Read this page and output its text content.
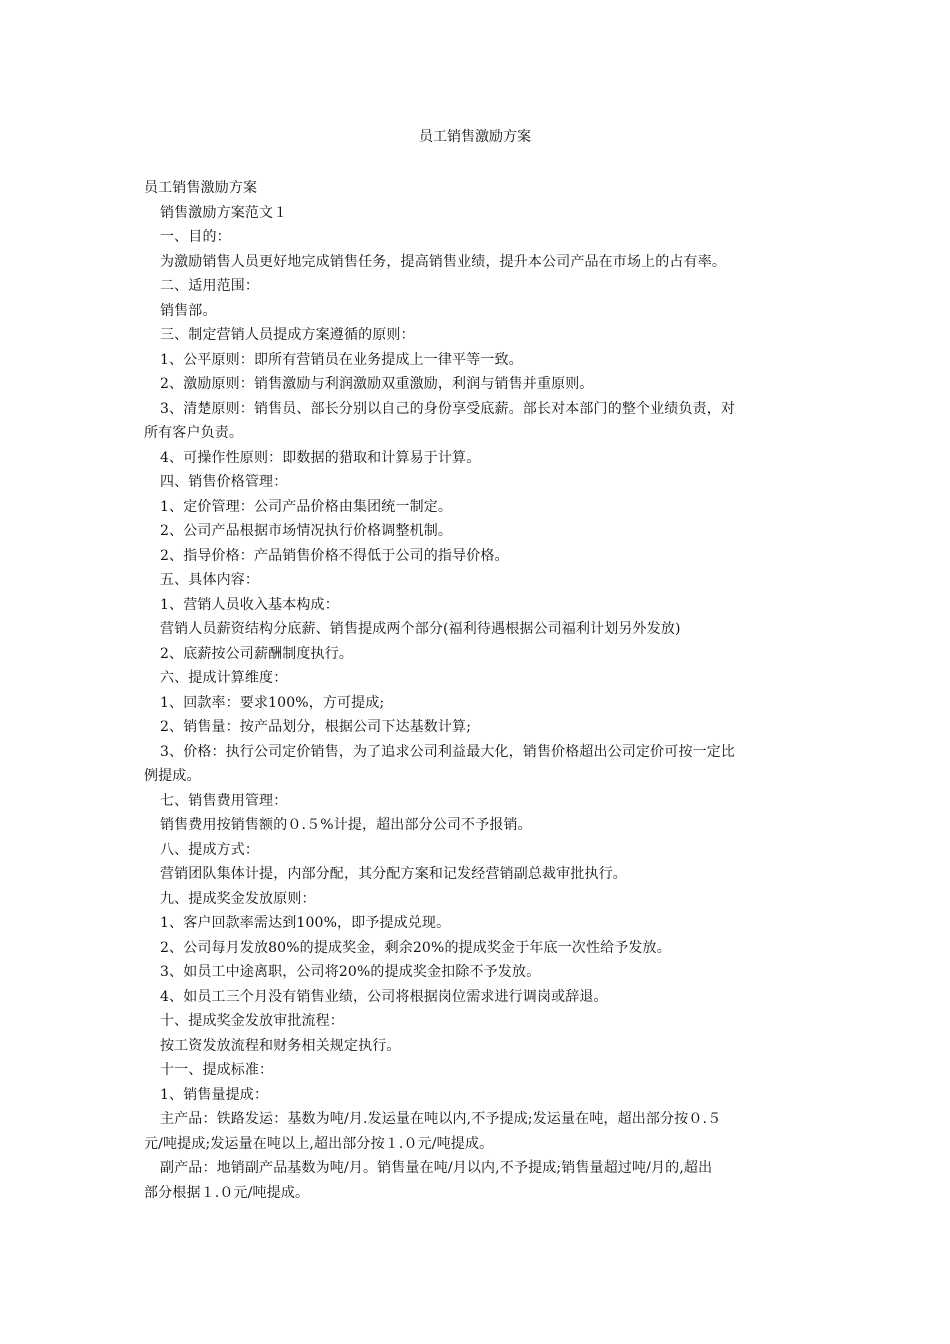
员工销售激励方案
员工销售激励方案
销售激励方案范文１
一、目的：
为激励销售人员更好地完成销售任务，提高销售业绩，提升本公司产品在市场上的占有率。
二、适用范围：
销售部。
三、制定营销人员提成方案遵循的原则：
1、公平原则：即所有营销员在业务提成上一律平等一致。
2、激励原则：销售激励与利润激励双重激励，利润与销售并重原则。
3、清楚原则：销售员、部长分别以自己的身份享受底薪。部长对本部门的整个业绩负责，对
所有客户负责。
4、可操作性原则：即数据的猎取和计算易于计算。
四、销售价格管理：
1、定价管理：公司产品价格由集团统一制定。
2、公司产品根据市场情况执行价格调整机制。
2、指导价格：产品销售价格不得低于公司的指导价格。
五、具体内容：
1、营销人员收入基本构成：
营销人员薪资结构分底薪、销售提成两个部分(福利待遇根据公司福利计划另外发放)
2、底薪按公司薪酬制度执行。
六、提成计算维度：
1、回款率：要求100%，方可提成;
2、销售量：按产品划分，根据公司下达基数计算;
3、价格：执行公司定价销售，为了追求公司利益最大化，销售价格超出公司定价可按一定比
例提成。
七、销售费用管理：
销售费用按销售额的０.５%计提，超出部分公司不予报销。
八、提成方式：
营销团队集体计提，内部分配，其分配方案和记发经营销副总裁审批执行。
九、提成奖金发放原则：
1、客户回款率需达到100%，即予提成兑现。
2、公司每月发放80%的提成奖金，剩余20%的提成奖金于年底一次性给予发放。
3、如员工中途离职，公司将20%的提成奖金扣除不予发放。
4、如员工三个月没有销售业绩，公司将根据岗位需求进行调岗或辞退。
十、提成奖金发放审批流程：
按工资发放流程和财务相关规定执行。
十一、提成标准：
1、销售量提成：
主产品：铁路发运：基数为吨/月.发运量在吨以内,不予提成;发运量在吨，超出部分按０.５
元/吨提成;发运量在吨以上,超出部分按１.０元/吨提成。
副产品：地销副产品基数为吨/月。销售量在吨/月以内,不予提成;销售量超过吨/月的,超出
部分根据１.０元/吨提成。
